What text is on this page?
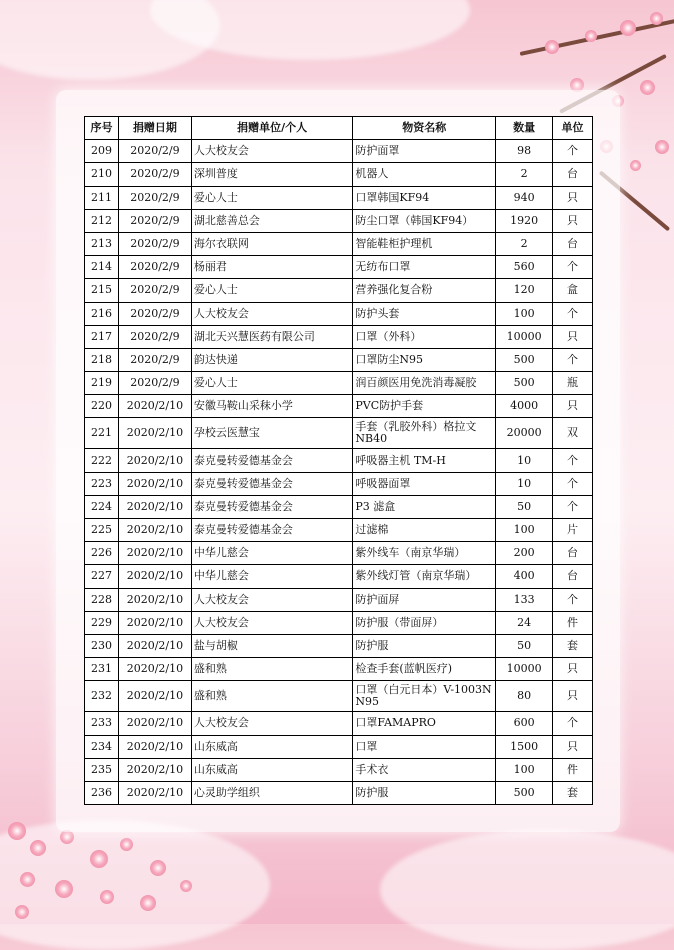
序号	捐赠日期	捐赠单位/个人	物资名称	数量	单位
209	2020/2/9	人大校友会	防护面罩	98	个
210	2020/2/9	深圳普度	机器人	2	台
211	2020/2/9	爱心人士	口罩韩国KF94	940	只
212	2020/2/9	湖北慈善总会	防尘口罩（韩国KF94）	1920	只
213	2020/2/9	海尔衣联网	智能鞋柜护理机	2	台
214	2020/2/9	杨丽君	无纺布口罩	560	个
215	2020/2/9	爱心人士	营养强化复合粉	120	盒
216	2020/2/9	人大校友会	防护头套	100	个
217	2020/2/9	湖北天兴慧医药有限公司	口罩（外科）	10000	只
218	2020/2/9	韵达快递	口罩防尘N95	500	个
219	2020/2/9	爱心人士	润百颜医用免洗消毒凝胶	500	瓶
220	2020/2/10	安徽马鞍山采秣小学	PVC防护手套	4000	只
221	2020/2/10	孕校云医慧宝	手套（乳胶外科）格拉文NB40	20000	双
222	2020/2/10	泰克曼转爱德基金会	呼吸器主机 TM-H	10	个
223	2020/2/10	泰克曼转爱德基金会	呼吸器面罩	10	个
224	2020/2/10	泰克曼转爱德基金会	P3 滤盒	50	个
225	2020/2/10	泰克曼转爱德基金会	过滤棉	100	片
226	2020/2/10	中华儿慈会	紫外线车（南京华瑞）	200	台
227	2020/2/10	中华儿慈会	紫外线灯管（南京华瑞）	400	台
228	2020/2/10	人大校友会	防护面屏	133	个
229	2020/2/10	人大校友会	防护服（带面屏）	24	件
230	2020/2/10	盐与胡椒	防护服	50	套
231	2020/2/10	盛和熟	检查手套(蓝帆医疗)	10000	只
232	2020/2/10	盛和熟	口罩（白元日本）V-1003N N95	80	只
233	2020/2/10	人大校友会	口罩FAMAPRO	600	个
234	2020/2/10	山东威高	口罩	1500	只
235	2020/2/10	山东威高	手术衣	100	件
236	2020/2/10	心灵助学组织	防护服	500	套
